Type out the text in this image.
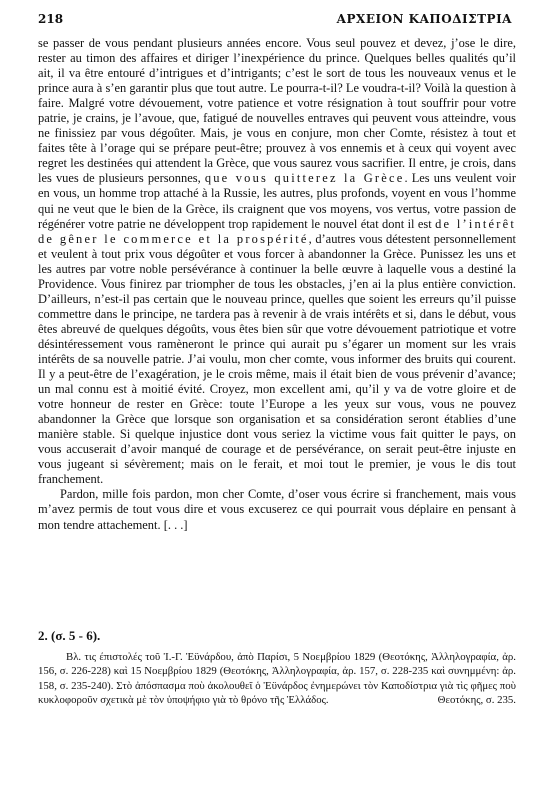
218	ΑΡΧΕΙΟΝ ΚΑΠΟΔΙΣΤΡΙΑ

se passer de vous pendant plusieurs années encore. Vous seul pouvez et devez, j’ose le dire, rester au timon des affaires et diriger l’inexpérience du prince. Quelques belles qualités qu’il ait, il va être entouré d’intrigues et d’intrigants; c’est le sort de tous les nouveaux venus et le prince aura à s’en garantir plus que tout autre. Le pourra-t-il? Le voudra-t-il? Voilà la question à faire. Malgré votre dévouement, votre patience et votre résignation à tout souffrir pour votre patrie, je crains, je l’avoue, que, fatigué de nouvelles entraves qui peuvent vous atteindre, vous ne finissiez par vous dégoûter. Mais, je vous en conjure, mon cher Comte, résistez à tout et faites tête à l’orage qui se prépare peut-être; prouvez à vos ennemis et à ceux qui voyent avec regret les destinées qui attendent la Grèce, que vous saurez vous sacrifier. Il entre, je crois, dans les vues de plusieurs personnes, que vous quitterez la Grèce. Les uns veulent voir en vous, un homme trop attaché à la Russie, les autres, plus profonds, voyent en vous l’homme qui ne veut que le bien de la Grèce, ils craignent que vos moyens, vos vertus, votre passion de régénérer votre patrie ne développent trop rapidement le nouvel état dont il est de l’intérêt de gêner le commerce et la prospérité, d’autres vous détestent personnellement et veulent à tout prix vous dégoûter et vous forcer à abandonner la Grèce. Punissez les uns et les autres par votre noble persévérance à continuer la belle œuvre à laquelle vous a destiné la Providence. Vous finirez par triompher de tous les obstacles, j’en ai la plus entière conviction. D’ailleurs, n’est-il pas certain que le nouveau prince, quelles que soient les erreurs qu’il puisse commettre dans le principe, ne tardera pas à revenir à de vrais intérêts et si, dans le début, vous êtes abreuvé de quelques dégoûts, vous êtes bien sûr que votre dévouement patriotique et votre désintéressement vous ramèneront le prince qui aurait pu s’égarer un moment sur les vrais intérêts de sa nouvelle patrie. J’ai voulu, mon cher comte, vous informer des bruits qui courent. Il y a peut-être de l’exagération, je le crois même, mais il était bien de vous prévenir d’avance; un mal connu est à moitié évité. Croyez, mon excellent ami, qu’il y va de votre gloire et de votre honneur de rester en Grèce: toute l’Europe a les yeux sur vous, vous ne pouvez abandonner la Grèce que lorsque son organisation et sa considération seront établies d’une manière stable. Si quelque injustice dont vous seriez la victime vous fait quitter le pays, on vous accuserait d’avoir manqué de courage et de persévérance, on serait peut-être injuste en vous jugeant si sévèrement; mais on le ferait, et moi tout le premier, je vous le dis tout franchement.

Pardon, mille fois pardon, mon cher Comte, d’oser vous écrire si franchement, mais vous m’avez permis de tout vous dire et vous excuserez ce qui pourrait vous déplaire en pensant à mon tendre attachement. [. . .]

2. (σ. 5 - 6).
Βλ. τις έπιστολές τοῦ Ἰ.-Γ. Ἐϋνάρδου, ἀπὸ Παρίσι, 5 Νοεμβρίου 1829 (Θεοτόκης, Ἀλληλογραφία, ἀρ. 156, σ. 226-228) καὶ 15 Νοεμβρίου 1829 (Θεοτόκης, Ἀλληλογραφία, ἀρ. 157, σ. 228-235 καὶ συνημμένη: ἀρ. 158, σ. 235-240). Στὸ ἀπόσπασμα ποὺ ἀκολουθεῖ ὁ Ἐϋνάρδος ἐνημερώνει τὸν Καποδίστρια γιὰ τὶς φῆμες ποὺ κυκλοφοροῦν σχετικὰ μὲ τὸν ὑποψήφιο γιὰ τὸ θρόνο τῆς Ἑλλάδος.	Θεοτόκης, σ. 235.
